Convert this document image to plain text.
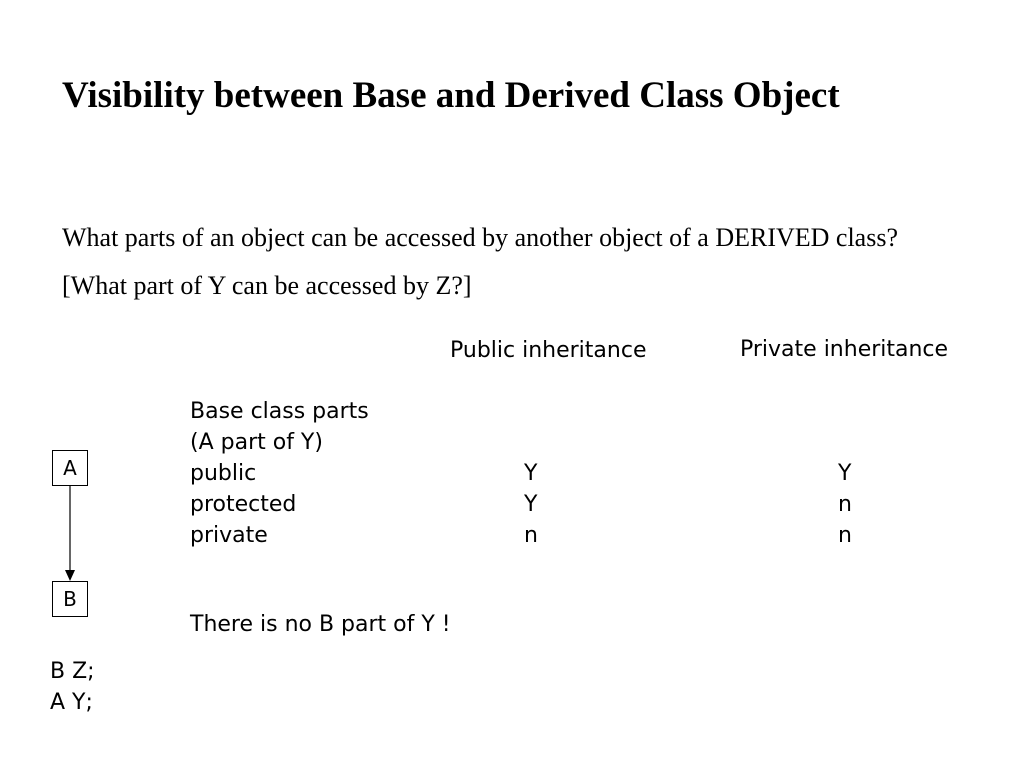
Visibility between Base and Derived Class Object
What parts of an object can be accessed by another object of a DERIVED class? [What part of Y can be accessed by Z?]
Public inheritance	Private inheritance
Base class parts
(A part of Y)
public	Y	Y
protected	Y	n
private	n	n
There is no B part of Y !
A
B
B Z;
A Y;
